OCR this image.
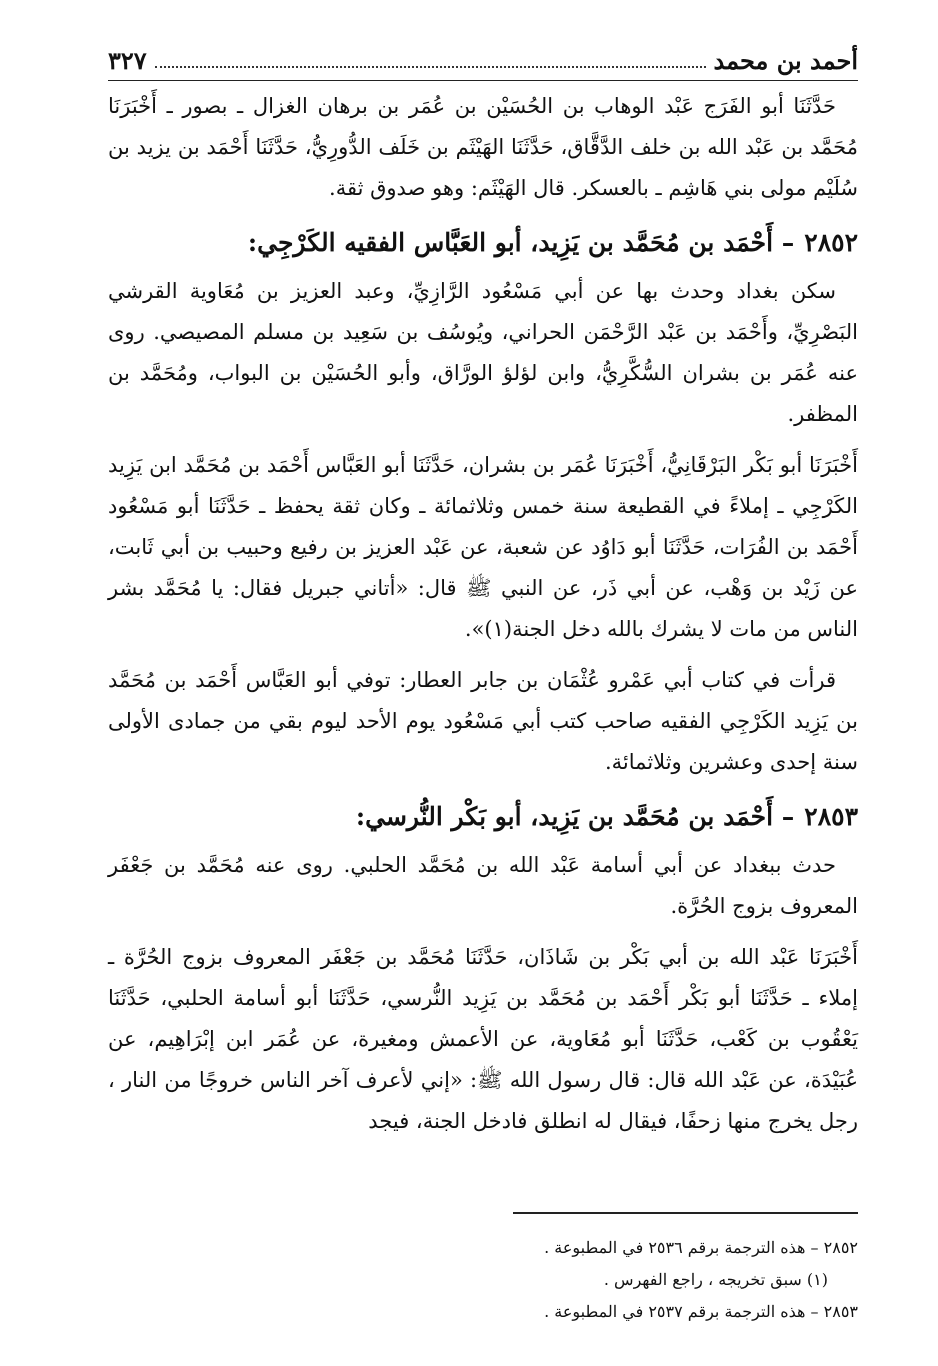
أحمد بن محمد
٣٢٧

حَدَّثَنَا أبو الفَرَج عَبْد الوهاب بن الحُسَيْن بن عُمَر بن برهان الغزال ـ بصور ـ أَخْبَرَنَا مُحَمَّد بن عَبْد الله بن خلف الدَّقَّاق، حَدَّثَنَا الهَيْثَم بن خَلَف الدُّورِيُّ، حَدَّثَنَا أَحْمَد بن يزيد بن سُلَيْم مولى بني هَاشِم ـ بالعسكر. قال الهَيْثَم: وهو صدوق ثقة.

٢٨٥٢– أَحْمَد بن مُحَمَّد بن يَزِيد، أبو العَبَّاس الفقيه الكَرْجِي:

سكن بغداد وحدث بها عن أبي مَسْعُود الرَّازِيِّ، وعبد العزيز بن مُعَاوية القرشي البَصْرِيِّ، وأَحْمَد بن عَبْد الرَّحْمَن الحراني، ويُوسُف بن سَعِيد بن مسلم المصيصي. روى عنه عُمَر بن بشران السُّكَّرِيُّ، وابن لؤلؤ الورَّاق، وأبو الحُسَيْن بن البواب، ومُحَمَّد بن المظفر.

أَخْبَرَنَا أبو بَكْر البَرْقَانِيُّ، أَخْبَرَنَا عُمَر بن بشران، حَدَّثَنَا أبو العَبَّاس أَحْمَد بن مُحَمَّد ابن يَزِيد الكَرْجِي ـ إملاءً في القطيعة سنة خمس وثلاثمائة ـ وكان ثقة يحفظ ـ حَدَّثَنَا أبو مَسْعُود أَحْمَد بن الفُرَات، حَدَّثَنَا أبو دَاوُد عن شعبة، عن عَبْد العزيز بن رفيع وحبيب بن أبي ثَابت، عن زَيْد بن وَهْب، عن أبي ذَر، عن النبي ﷺ قال: «أتاني جبريل فقال: يا مُحَمَّد بشر الناس من مات لا يشرك بالله دخل الجنة(١)».

قرأت في كتاب أبي عَمْرو عُثْمَان بن جابر العطار: توفي أبو العَبَّاس أَحْمَد بن مُحَمَّد بن يَزِيد الكَرْجِي الفقيه صاحب كتب أبي مَسْعُود يوم الأحد ليوم بقي من جمادى الأولى سنة إحدى وعشرين وثلاثمائة.

٢٨٥٣– أَحْمَد بن مُحَمَّد بن يَزِيد، أبو بَكْر النُّرسي:

حدث ببغداد عن أبي أسامة عَبْد الله بن مُحَمَّد الحلبي. روى عنه مُحَمَّد بن جَعْفَر المعروف بزوج الحُرَّة.

أَخْبَرَنَا عَبْد الله بن أبي بَكْر بن شَاذَان، حَدَّثَنَا مُحَمَّد بن جَعْفَر المعروف بزوج الحُرَّة ـ إملاء ـ حَدَّثَنَا أبو بَكْر أَحْمَد بن مُحَمَّد بن يَزِيد النُّرسي، حَدَّثَنَا أبو أسامة الحلبي، حَدَّثَنَا يَعْقُوب بن كَعْب، حَدَّثَنَا أبو مُعَاوية، عن الأعمش ومغيرة، عن عُمَر ابن إبْرَاهِيم، عن عُبَيْدَة، عن عَبْد الله قال: قال رسول الله ﷺ: «إني لأعرف آخر الناس خروجًا من النار ، رجل يخرج منها زحفًا، فيقال له انطلق فادخل الجنة، فيجد

٢٨٥٢ – هذه الترجمة برقم ٢٥٣٦ في المطبوعة .

(١) سبق تخريجه ، راجع الفهرس .

٢٨٥٣ – هذه الترجمة برقم ٢٥٣٧ في المطبوعة .
